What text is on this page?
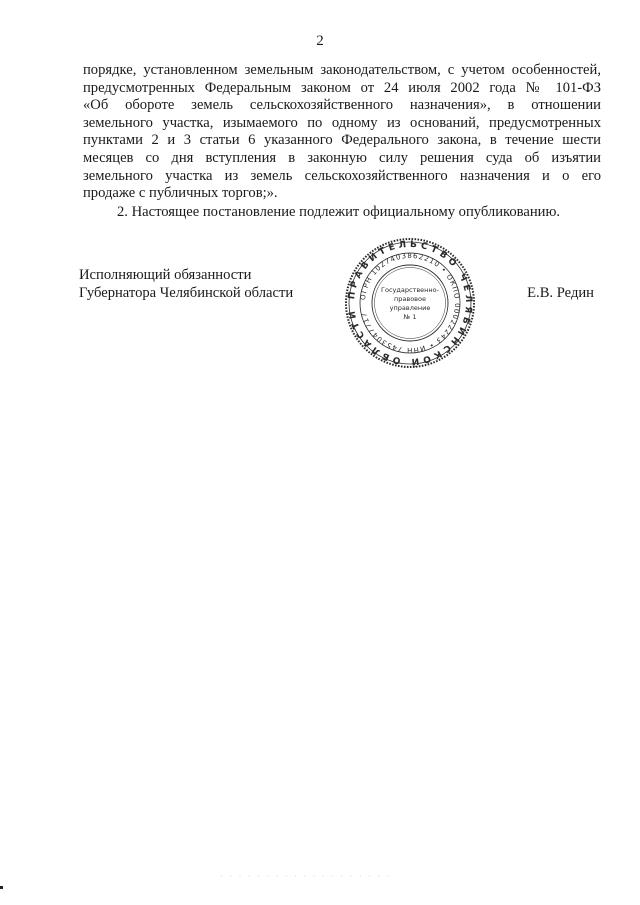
2
порядке, установленном земельным законодательством, с учетом особенностей,
предусмотренных Федеральным законом от 24 июля 2002 года № 101-ФЗ
«Об обороте земель сельскохозяйственного назначения», в отношении
земельного участка, изымаемого по одному из оснований, предусмотренных
пунктами 2 и 3 статьи 6 указанного Федерального закона, в течение шести
месяцев со дня вступления в законную силу решения суда об изъятии
земельного участка из земель сельскохозяйственного назначения и о его
продаже с публичных торгов;».
2. Настоящее постановление подлежит официальному опубликованию.
Исполняющий обязанности
Губернатора Челябинской области	ПРАВИТЕЛЬСТВО ЧЕЛЯБИНСКОЙ ОБЛАСТИ
ОГРН 1027403862210 • ОКПО 00022243 • ИНН 7453047717
Государственно-
правовое
управление
№ 1
Е.В. Редин
· · · · · · · · · · · · · · · · · · ·
